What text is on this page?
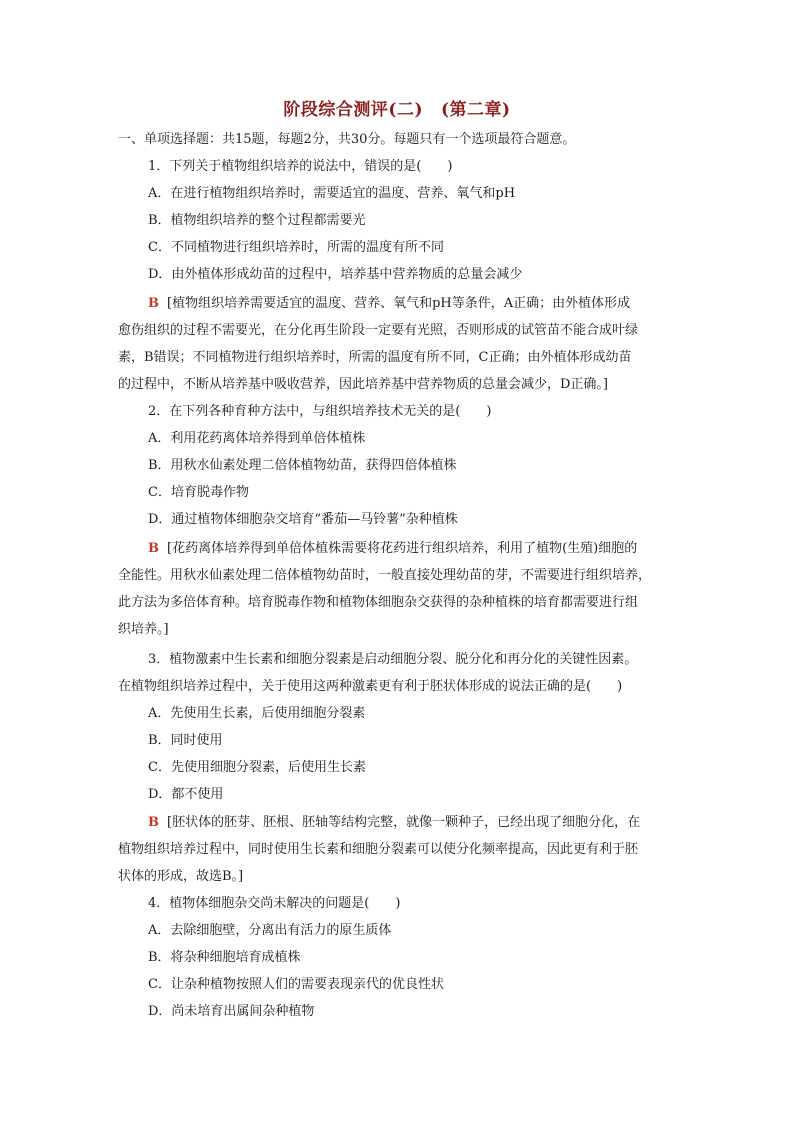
阶段综合测评(二) (第二章)
一、单项选择题：共15题，每题2分，共30分。每题只有一个选项最符合题意。
1．下列关于植物组织培养的说法中，错误的是(　　)
A．在进行植物组织培养时，需要适宜的温度、营养、氧气和pH
B．植物组织培养的整个过程都需要光
C．不同植物进行组织培养时，所需的温度有所不同
D．由外植体形成幼苗的过程中，培养基中营养物质的总量会减少
B [植物组织培养需要适宜的温度、营养、氧气和pH等条件，A正确；由外植体形成
愈伤组织的过程不需要光，在分化再生阶段一定要有光照，否则形成的试管苗不能合成叶绿
素，B错误；不同植物进行组织培养时，所需的温度有所不同，C正确；由外植体形成幼苗
的过程中，不断从培养基中吸收营养，因此培养基中营养物质的总量会减少，D正确。]
2．在下列各种育种方法中，与组织培养技术无关的是(　　)
A．利用花药离体培养得到单倍体植株
B．用秋水仙素处理二倍体植物幼苗，获得四倍体植株
C．培育脱毒作物
D．通过植物体细胞杂交培育“番茄—马铃薯”杂种植株
B [花药离体培养得到单倍体植株需要将花药进行组织培养，利用了植物(生殖)细胞的
全能性。用秋水仙素处理二倍体植物幼苗时，一般直接处理幼苗的芽，不需要进行组织培养，
此方法为多倍体育种。培育脱毒作物和植物体细胞杂交获得的杂种植株的培育都需要进行组
织培养。]
3．植物激素中生长素和细胞分裂素是启动细胞分裂、脱分化和再分化的关键性因素。
在植物组织培养过程中，关于使用这两种激素更有利于胚状体形成的说法正确的是(　　)
A．先使用生长素，后使用细胞分裂素
B．同时使用
C．先使用细胞分裂素，后使用生长素
D．都不使用
B [胚状体的胚芽、胚根、胚轴等结构完整，就像一颗种子，已经出现了细胞分化，在
植物组织培养过程中，同时使用生长素和细胞分裂素可以使分化频率提高，因此更有利于胚
状体的形成，故选B。]
4．植物体细胞杂交尚未解决的问题是(　　)
A．去除细胞壁，分离出有活力的原生质体
B．将杂种细胞培育成植株
C．让杂种植物按照人们的需要表现亲代的优良性状
D．尚未培育出属间杂种植物
